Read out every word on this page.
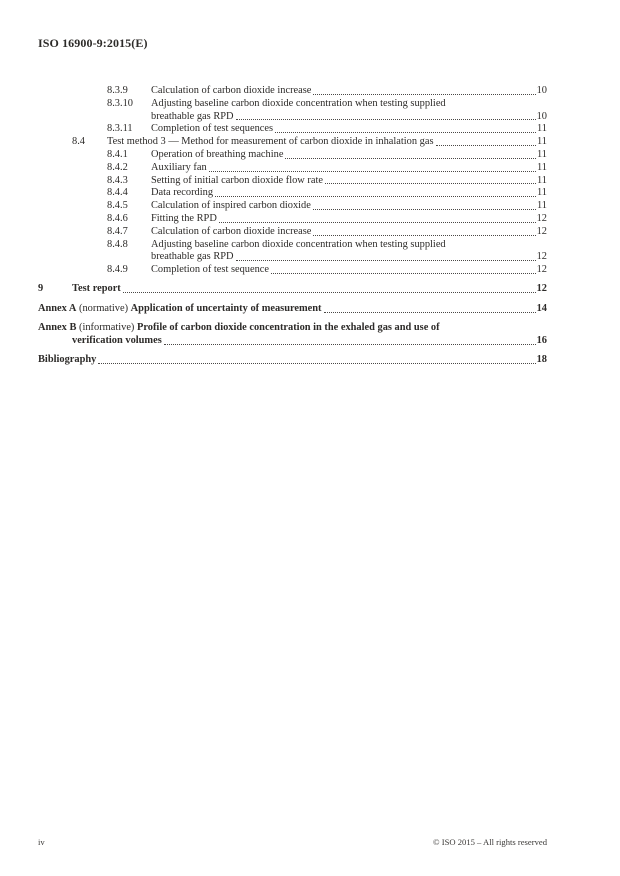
ISO 16900-9:2015(E)
8.3.9 Calculation of carbon dioxide increase	10
8.3.10 Adjusting baseline carbon dioxide concentration when testing supplied
breathable gas RPD	10
8.3.11 Completion of test sequences	11
8.4 Test method 3 — Method for measurement of carbon dioxide in inhalation gas	11
8.4.1 Operation of breathing machine	11
8.4.2 Auxiliary fan	11
8.4.3 Setting of initial carbon dioxide flow rate	11
8.4.4 Data recording	11
8.4.5 Calculation of inspired carbon dioxide	11
8.4.6 Fitting the RPD	12
8.4.7 Calculation of carbon dioxide increase	12
8.4.8 Adjusting baseline carbon dioxide concentration when testing supplied
breathable gas RPD	12
8.4.9 Completion of test sequence	12
9	Test report	12
Annex A (normative) Application of uncertainty of measurement	14
Annex B (informative) Profile of carbon dioxide concentration in the exhaled gas and use of
verification volumes	16
Bibliography	18
iv	© ISO 2015 – All rights reserved
